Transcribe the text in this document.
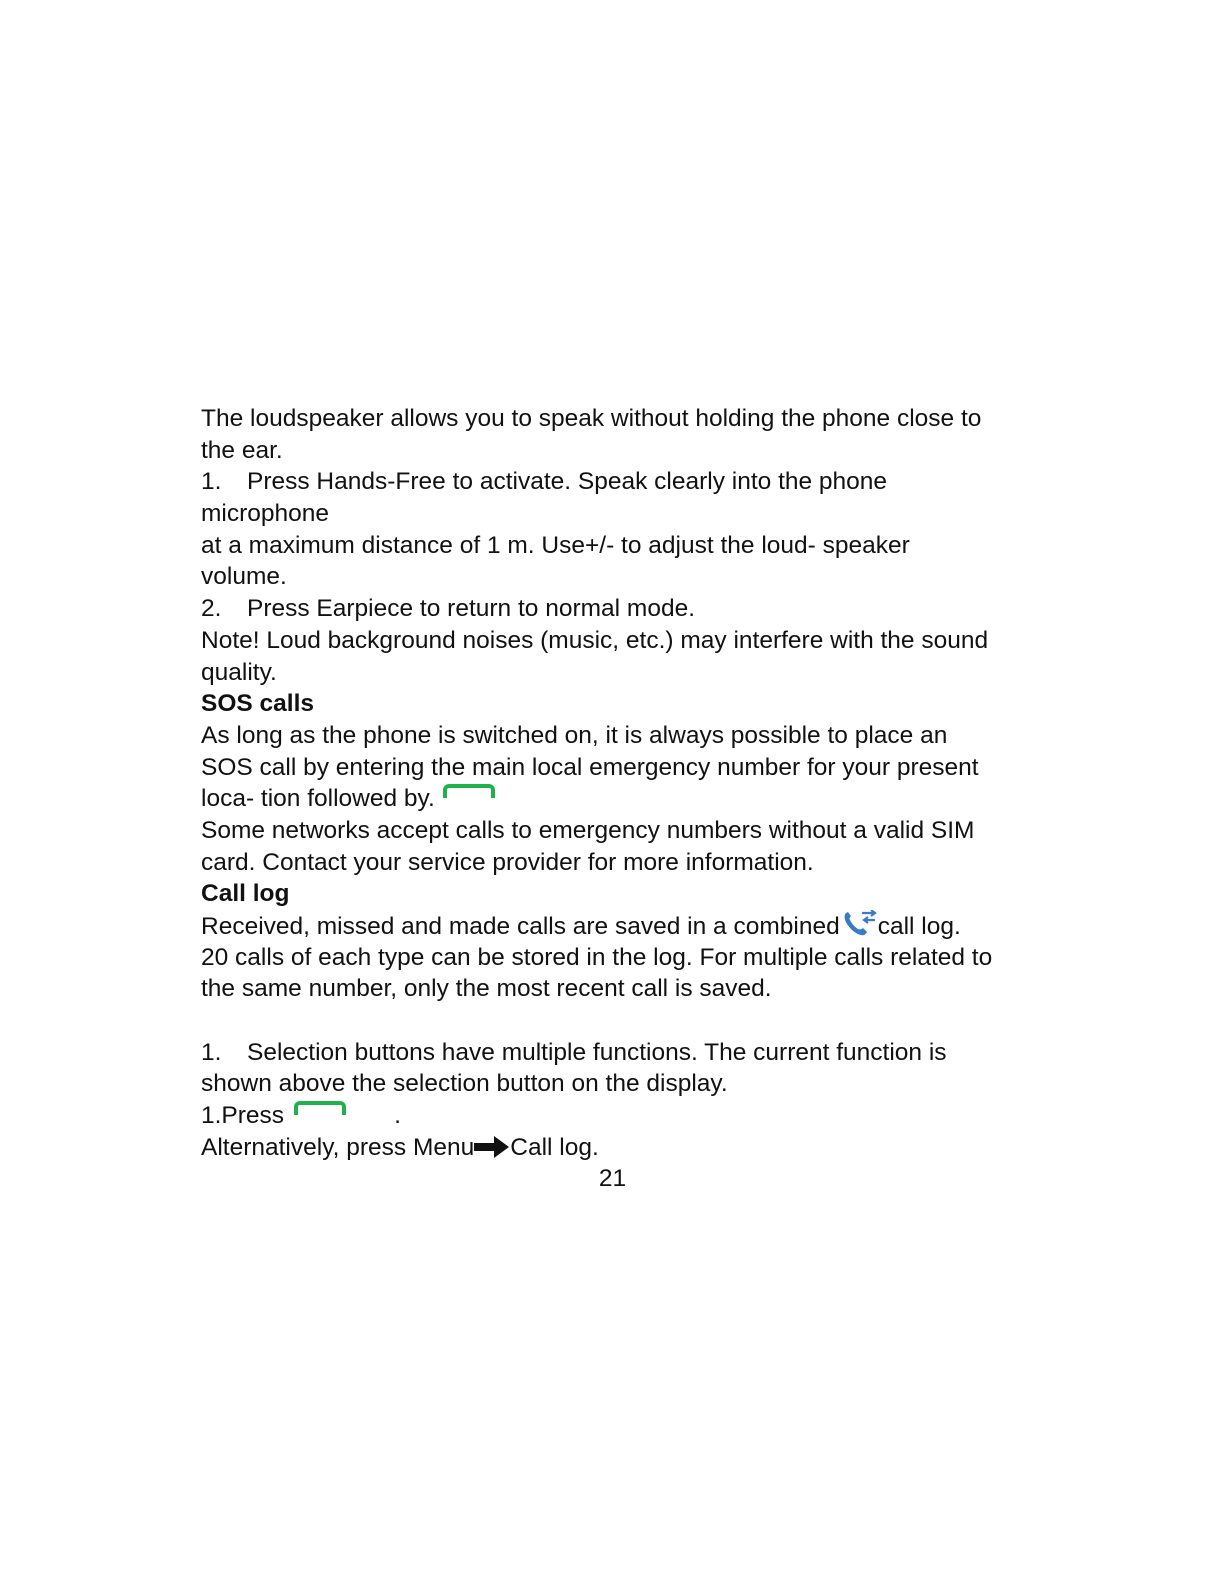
The loudspeaker allows you to speak without holding the phone close to
the ear.
1. Press Hands-Free to activate. Speak clearly into the phone
microphone
at a maximum distance of 1 m. Use+/- to adjust the loud- speaker
volume.
2. Press Earpiece to return to normal mode.
Note! Loud background noises (music, etc.) may interfere with the sound
quality.
SOS calls
As long as the phone is switched on, it is always possible to place an
SOS call by entering the main local emergency number for your present
loca- tion followed by.
Some networks accept calls to emergency numbers without a valid SIM
card. Contact your service provider for more information.
Call log
Received, missed and made calls are saved in a combined call log.
20 calls of each type can be stored in the log. For multiple calls related to
the same number, only the most recent call is saved.
1. Selection buttons have multiple functions. The current function is
shown above the selection button on the display.
1.Press	.
Alternatively, press Menu Call log.
21
